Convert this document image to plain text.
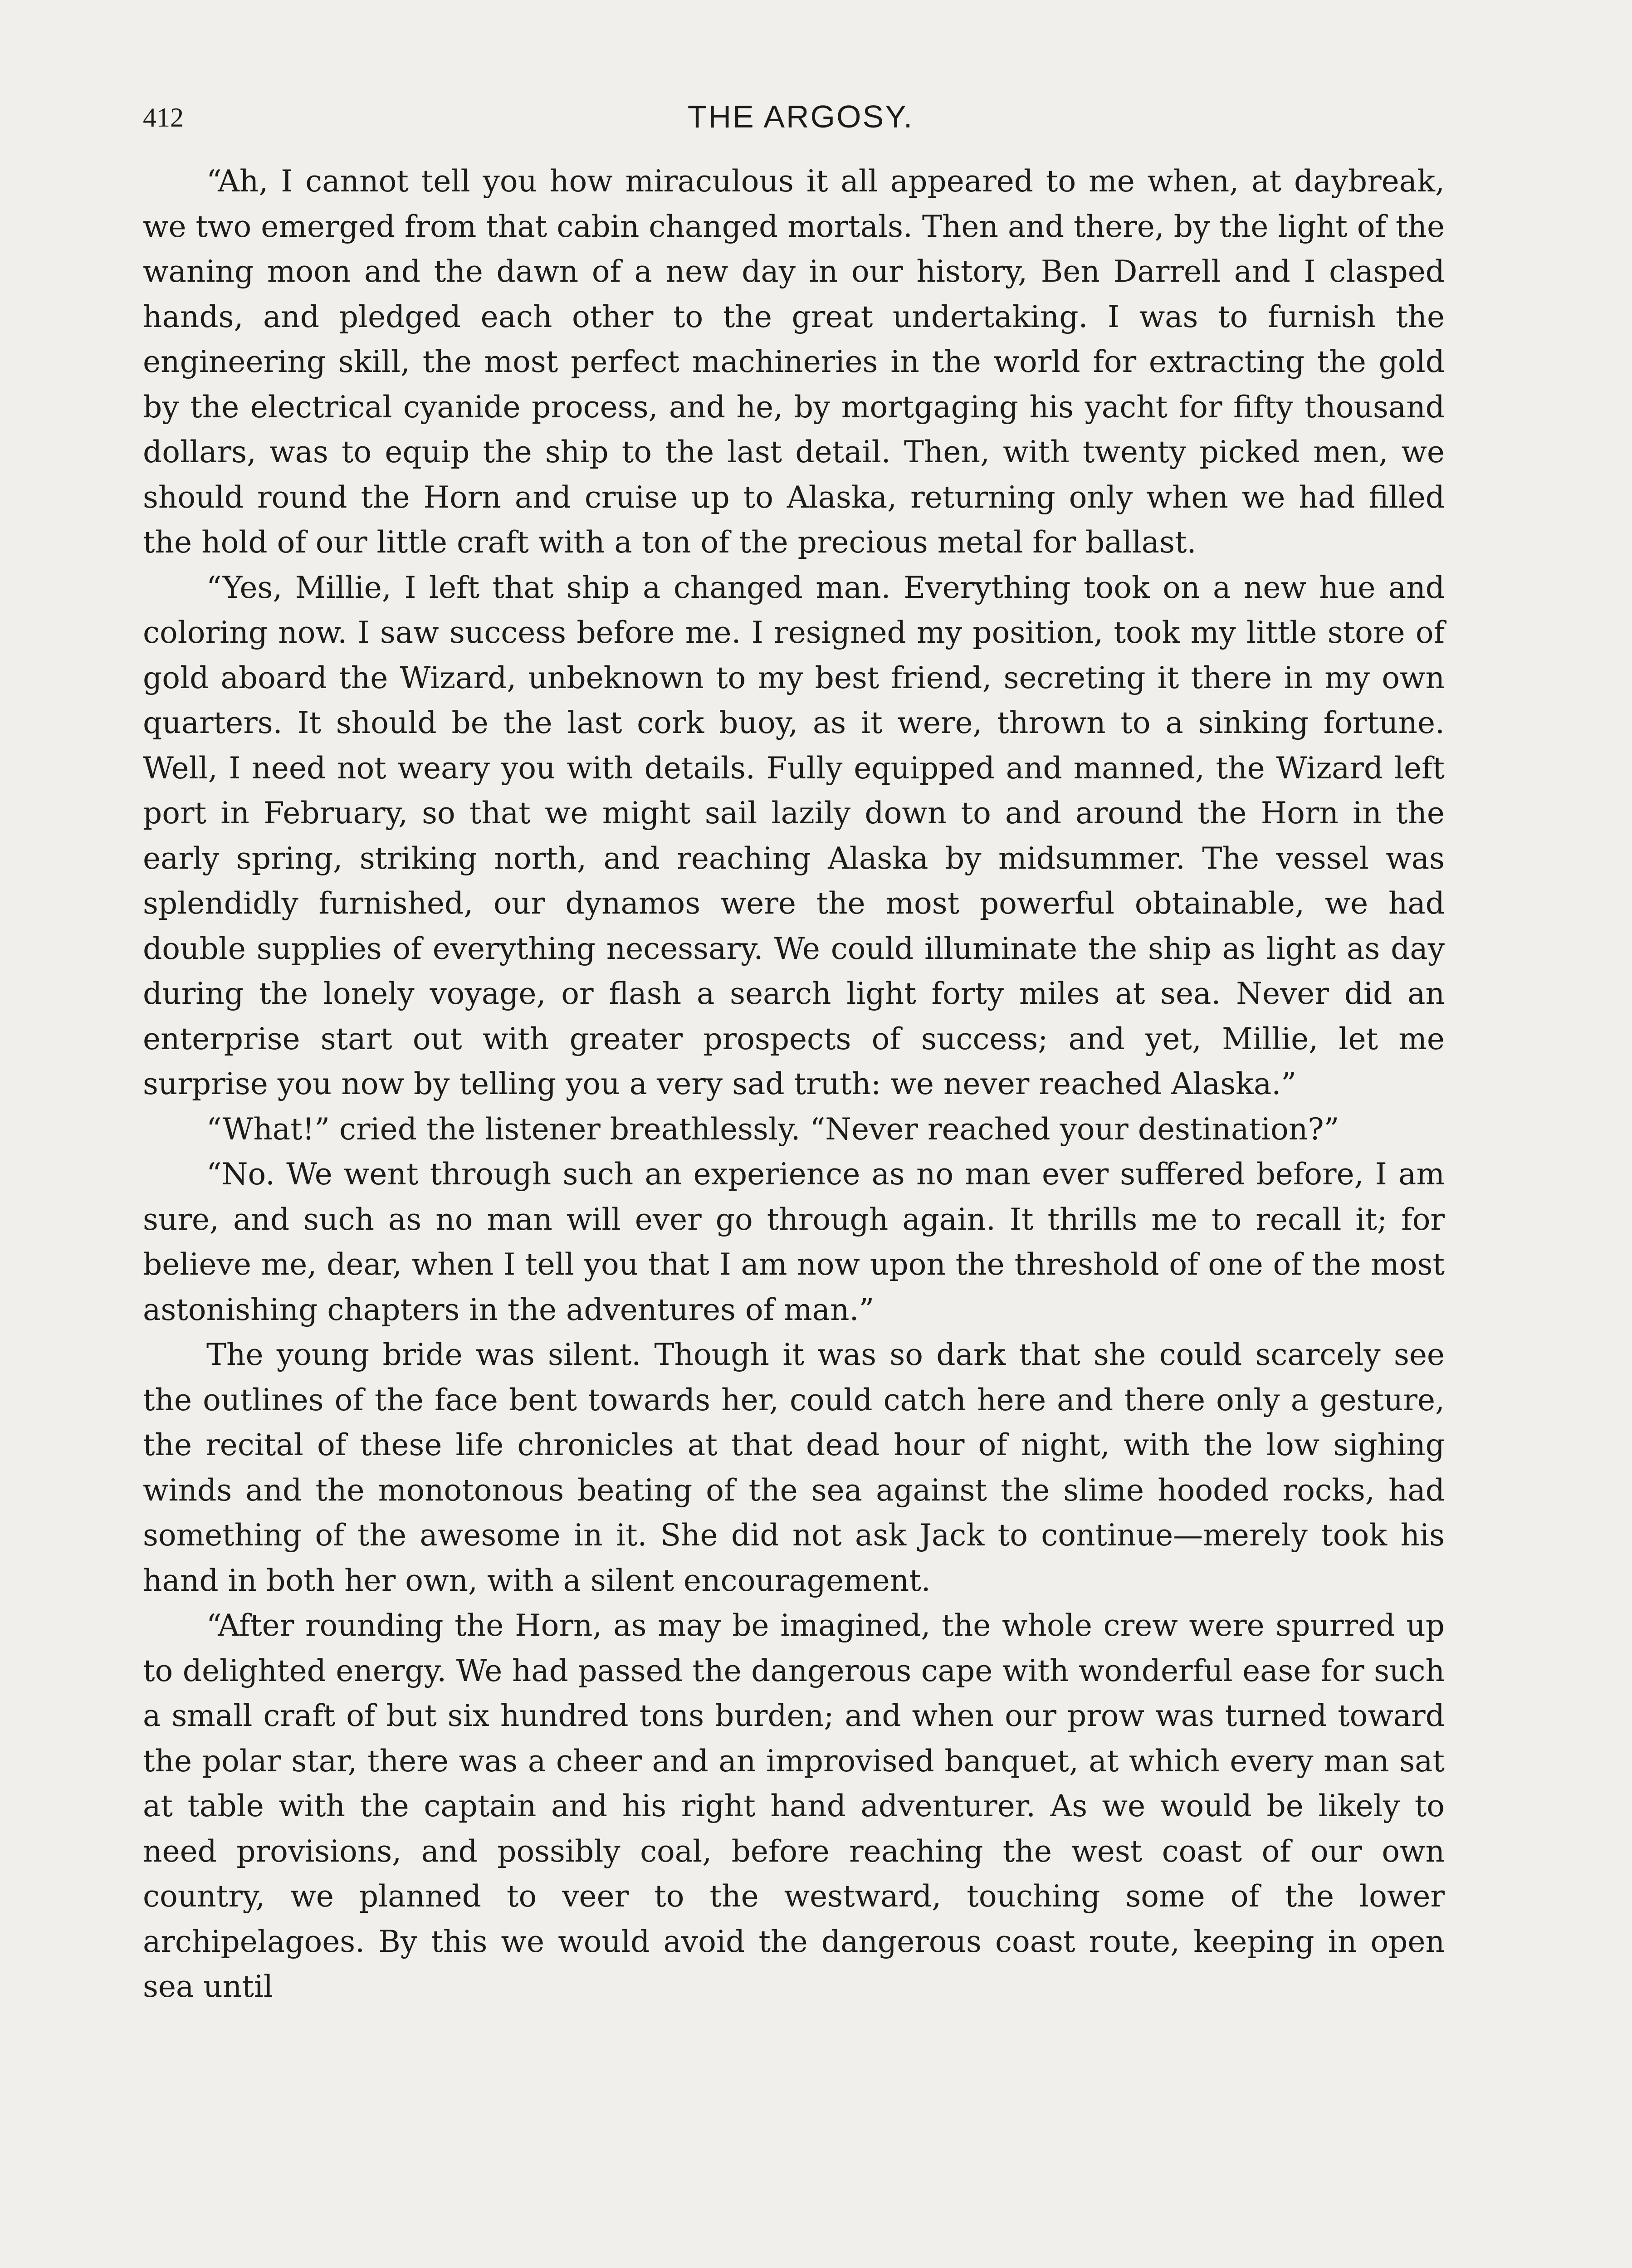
412	THE ARGOSY.

“Ah, I cannot tell you how miraculous it all appeared to me when, at daybreak, we two emerged from that cabin changed mortals. Then and there, by the light of the waning moon and the dawn of a new day in our history, Ben Darrell and I clasped hands, and pledged each other to the great undertaking. I was to furnish the engineering skill, the most perfect machineries in the world for extracting the gold by the electrical cyanide process, and he, by mortgaging his yacht for fifty thousand dollars, was to equip the ship to the last detail. Then, with twenty picked men, we should round the Horn and cruise up to Alaska, returning only when we had filled the hold of our little craft with a ton of the precious metal for ballast.

“Yes, Millie, I left that ship a changed man. Everything took on a new hue and coloring now. I saw success before me. I resigned my position, took my little store of gold aboard the Wizard, unbeknown to my best friend, secreting it there in my own quarters. It should be the last cork buoy, as it were, thrown to a sinking fortune. Well, I need not weary you with details. Fully equipped and manned, the Wizard left port in February, so that we might sail lazily down to and around the Horn in the early spring, striking north, and reaching Alaska by midsummer. The vessel was splendidly furnished, our dynamos were the most powerful obtainable, we had double supplies of everything necessary. We could illuminate the ship as light as day during the lonely voyage, or flash a search light forty miles at sea. Never did an enterprise start out with greater prospects of success; and yet, Millie, let me surprise you now by telling you a very sad truth: we never reached Alaska.”

“What!” cried the listener breathlessly. “Never reached your destination?”

“No. We went through such an experience as no man ever suffered before, I am sure, and such as no man will ever go through again. It thrills me to recall it; for believe me, dear, when I tell you that I am now upon the threshold of one of the most astonishing chapters in the adventures of man.”

The young bride was silent. Though it was so dark that she could scarcely see the outlines of the face bent towards her, could catch here and there only a gesture, the recital of these life chronicles at that dead hour of night, with the low sighing winds and the monotonous beating of the sea against the slime hooded rocks, had something of the awesome in it. She did not ask Jack to continue—merely took his hand in both her own, with a silent encouragement.

“After rounding the Horn, as may be imagined, the whole crew were spurred up to delighted energy. We had passed the dangerous cape with wonderful ease for such a small craft of but six hundred tons burden; and when our prow was turned toward the polar star, there was a cheer and an improvised banquet, at which every man sat at table with the captain and his right hand adventurer. As we would be likely to need provisions, and possibly coal, before reaching the west coast of our own country, we planned to veer to the westward, touching some of the lower archipelagoes. By this we would avoid the dangerous coast route, keeping in open sea until
